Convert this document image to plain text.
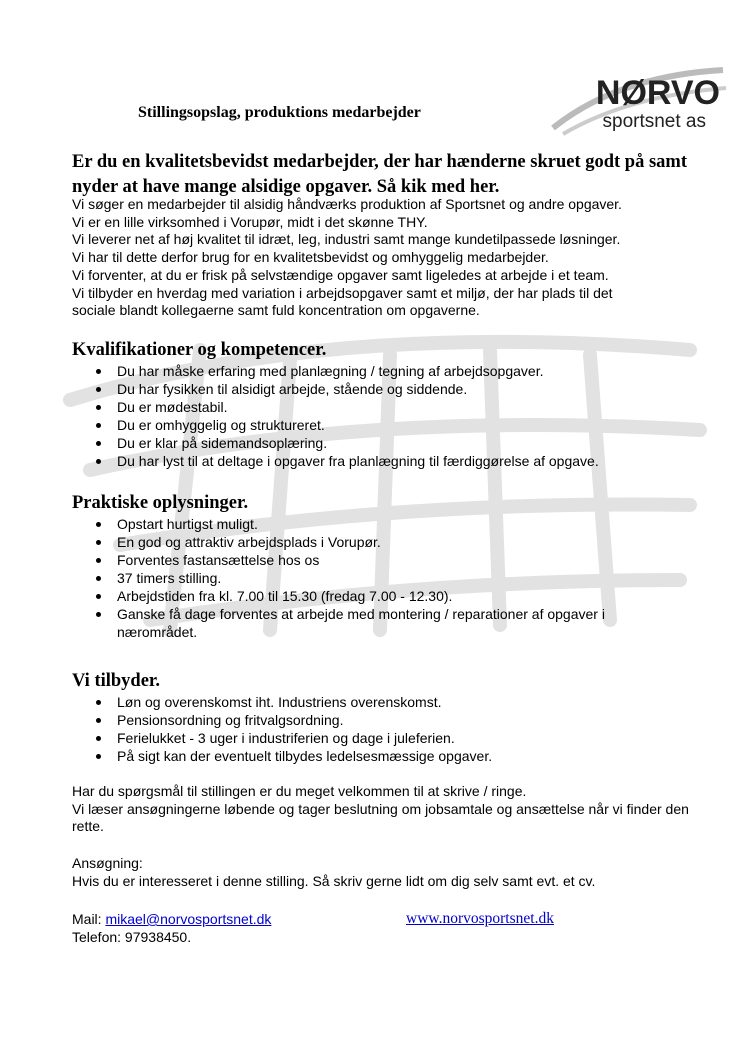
NØRVO
sportsnet as
Stillingsopslag, produktions medarbejder
Er du en kvalitetsbevidst medarbejder, der har hænderne skruet godt på samt nyder at have mange alsidige opgaver. Så kik med her.
Vi søger en medarbejder til alsidig håndværks produktion af Sportsnet og andre opgaver.
Vi er en lille virksomhed i Vorupør, midt i det skønne THY.
Vi leverer net af høj kvalitet til idræt, leg, industri samt mange kundetilpassede løsninger.
Vi har til dette derfor brug for en kvalitetsbevidst og omhyggelig medarbejder.
Vi forventer, at du er frisk på selvstændige opgaver samt ligeledes at arbejde i et team.
Vi tilbyder en hverdag med variation i arbejdsopgaver samt et miljø, der har plads til det
sociale blandt kollegaerne samt fuld koncentration om opgaverne.
Kvalifikationer og kompetencer.
Du har måske erfaring med planlægning / tegning af arbejdsopgaver.
Du har fysikken til alsidigt arbejde, stående og siddende.
Du er mødestabil.
Du er omhyggelig og struktureret.
Du er klar på sidemandsoplæring.
Du har lyst til at deltage i opgaver fra planlægning til færdiggørelse af opgave.
Praktiske oplysninger.
Opstart hurtigst muligt.
En god og attraktiv arbejdsplads i Vorupør.
Forventes fastansættelse hos os
37 timers stilling.
Arbejdstiden fra kl. 7.00 til 15.30 (fredag 7.00 - 12.30).
Ganske få dage forventes at arbejde med montering / reparationer af opgaver i nærområdet.
Vi tilbyder.
Løn og overenskomst iht. Industriens overenskomst.
Pensionsordning og fritvalgsordning.
Ferielukket - 3 uger i industriferien og dage i juleferien.
På sigt kan der eventuelt tilbydes ledelsesmæssige opgaver.
Har du spørgsmål til stillingen er du meget velkommen til at skrive / ringe.
Vi læser ansøgningerne løbende og tager beslutning om jobsamtale og ansættelse når vi finder den rette.
Ansøgning:
Hvis du er interesseret i denne stilling. Så skriv gerne lidt om dig selv samt evt. et cv.
Mail: mikael@norvosportsnet.dk
Telefon: 97938450.
www.norvosportsnet.dk
